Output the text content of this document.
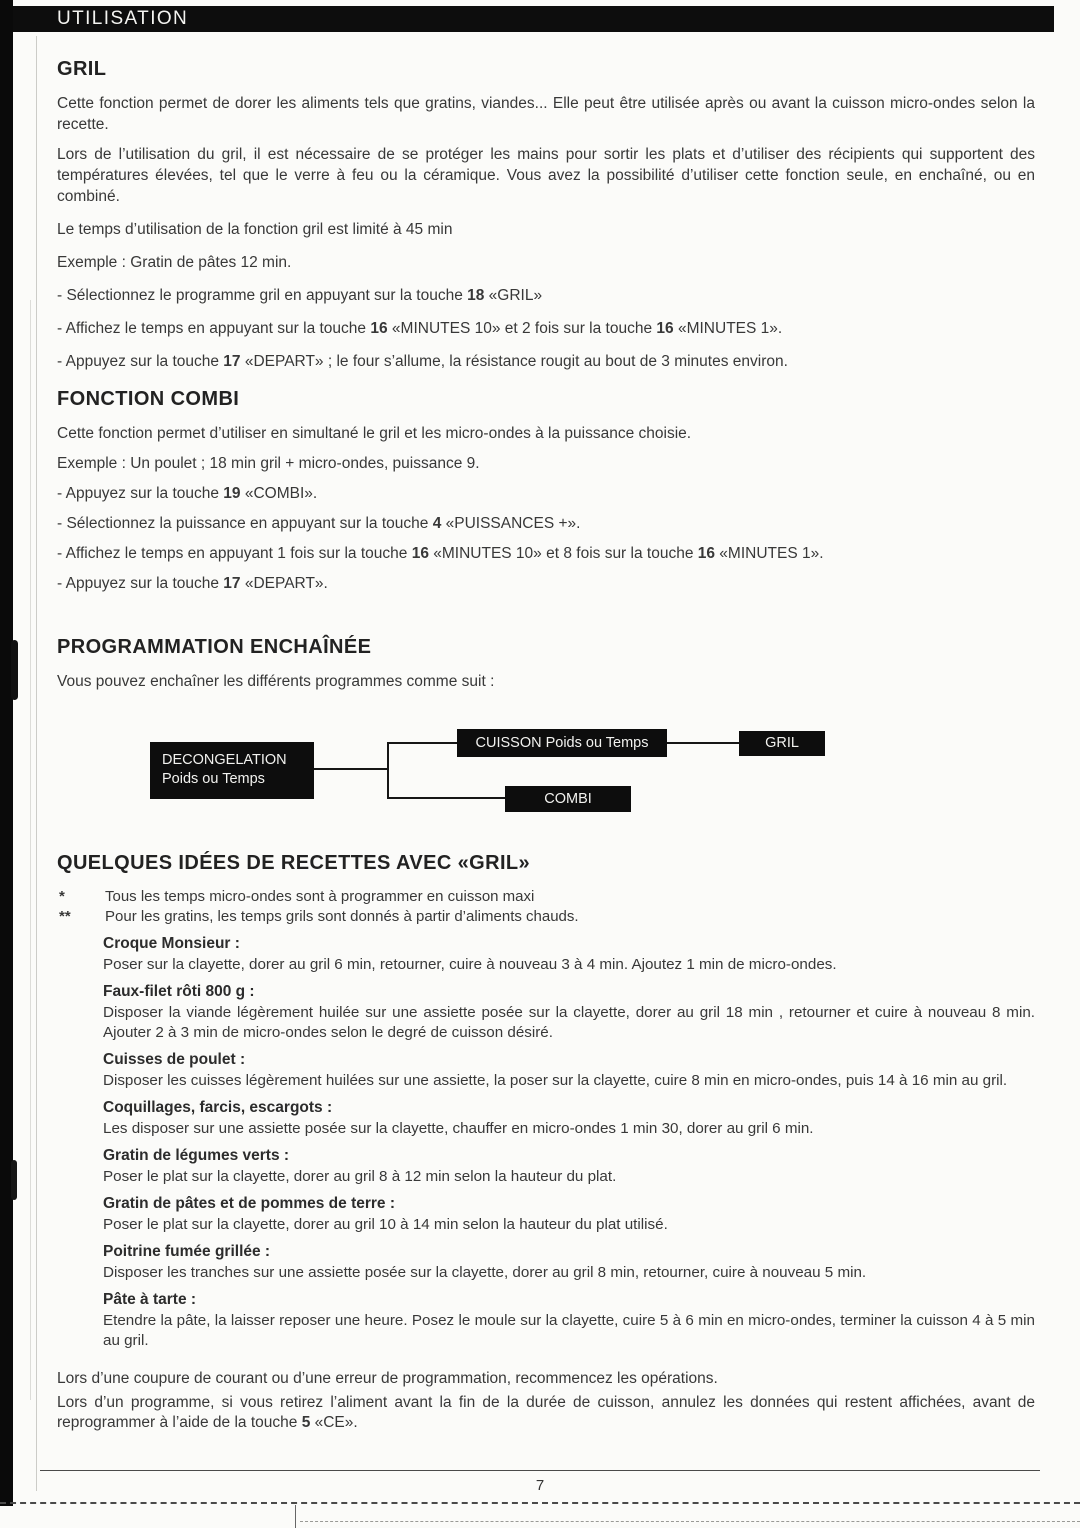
UTILISATION
GRIL

Cette fonction permet de dorer les aliments tels que gratins, viandes... Elle peut être utilisée après ou avant la cuisson micro-ondes selon la recette.

Lors de l’utilisation du gril, il est nécessaire de se protéger les mains pour sortir les plats et d’utiliser des récipients qui supportent des températures élevées, tel que le verre à feu ou la céramique. Vous avez la possibilité d’utiliser cette fonction seule, en enchaîné, ou en combiné.

Le temps d’utilisation de la fonction gril est limité à 45 min

Exemple : Gratin de pâtes 12 min.

- Sélectionnez le programme gril en appuyant sur la touche 18 «GRIL»

- Affichez le temps en appuyant sur la touche 16 «MINUTES 10» et 2 fois sur la touche 16 «MINUTES 1».

- Appuyez sur la touche 17 «DEPART» ; le four s’allume, la résistance rougit au bout de 3 minutes environ.

FONCTION COMBI

Cette fonction permet d’utiliser en simultané le gril et les micro-ondes à la puissance choisie.

Exemple : Un poulet ; 18 min gril + micro-ondes, puissance 9.

- Appuyez sur la touche 19 «COMBI».

- Sélectionnez la puissance en appuyant sur la touche 4 «PUISSANCES +».

- Affichez le temps en appuyant 1 fois sur la touche 16 «MINUTES 10» et 8 fois sur la touche 16 «MINUTES 1».

- Appuyez sur la touche 17 «DEPART».

PROGRAMMATION ENCHAÎNÉE

Vous pouvez enchaîner les différents programmes comme suit :

DECONGELATION
Poids ou Temps
CUISSON Poids ou Temps
COMBI
GRIL
QUELQUES IDÉES DE RECETTES AVEC «GRIL»
*	Tous les temps micro-ondes sont à programmer en cuisson maxi
**	Pour les gratins, les temps grils sont donnés à partir d’aliments chauds.
Croque Monsieur :

Poser sur la clayette, dorer au gril 6 min, retourner, cuire à nouveau 3 à 4 min. Ajoutez 1 min de micro-ondes.

Faux-filet rôti 800 g :

Disposer la viande légèrement huilée sur une assiette posée sur la clayette, dorer au gril 18 min , retourner et cuire à nouveau 8 min. Ajouter 2 à 3 min de micro-ondes selon le degré de cuisson désiré.

Cuisses de poulet :

Disposer les cuisses légèrement huilées sur une assiette, la poser sur la clayette, cuire 8 min en micro-ondes, puis 14 à 16 min au gril.

Coquillages, farcis, escargots :

Les disposer sur une assiette posée sur la clayette, chauffer en micro-ondes 1 min 30, dorer au gril 6 min.

Gratin de légumes verts :

Poser le plat sur la clayette, dorer au gril 8 à 12 min selon la hauteur du plat.

Gratin de pâtes et de pommes de terre :

Poser le plat sur la clayette, dorer au gril 10 à 14 min selon la hauteur du plat utilisé.

Poitrine fumée grillée :

Disposer les tranches sur une assiette posée sur la clayette, dorer au gril 8 min, retourner, cuire à nouveau 5 min.

Pâte à tarte :

Etendre la pâte, la laisser reposer une heure. Posez le moule sur la clayette, cuire 5 à 6 min en micro-ondes, terminer la cuisson 4 à 5 min au gril.

Lors d’une coupure de courant ou d’une erreur de programmation, recommencez les opérations.

Lors d’un programme, si vous retirez l’aliment avant la fin de la durée de cuisson, annulez les données qui restent affichées, avant de reprogrammer à l’aide de la touche 5 «CE».

7
